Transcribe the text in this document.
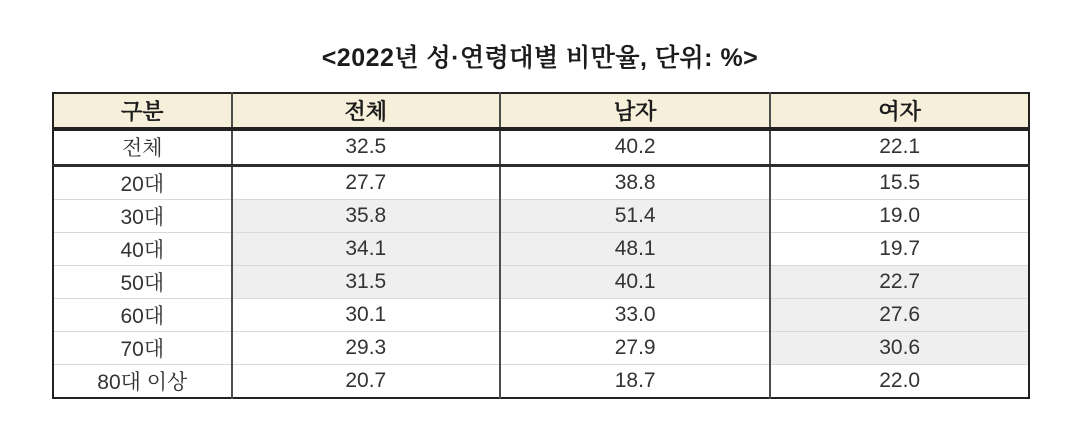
<2022년 성·연령대별 비만율, 단위: %>
구분	전체	남자	여자
전체	32.5	40.2	22.1
20대	27.7	38.8	15.5
30대	35.8	51.4	19.0
40대	34.1	48.1	19.7
50대	31.5	40.1	22.7
60대	30.1	33.0	27.6
70대	29.3	27.9	30.6
80대 이상	20.7	18.7	22.0
